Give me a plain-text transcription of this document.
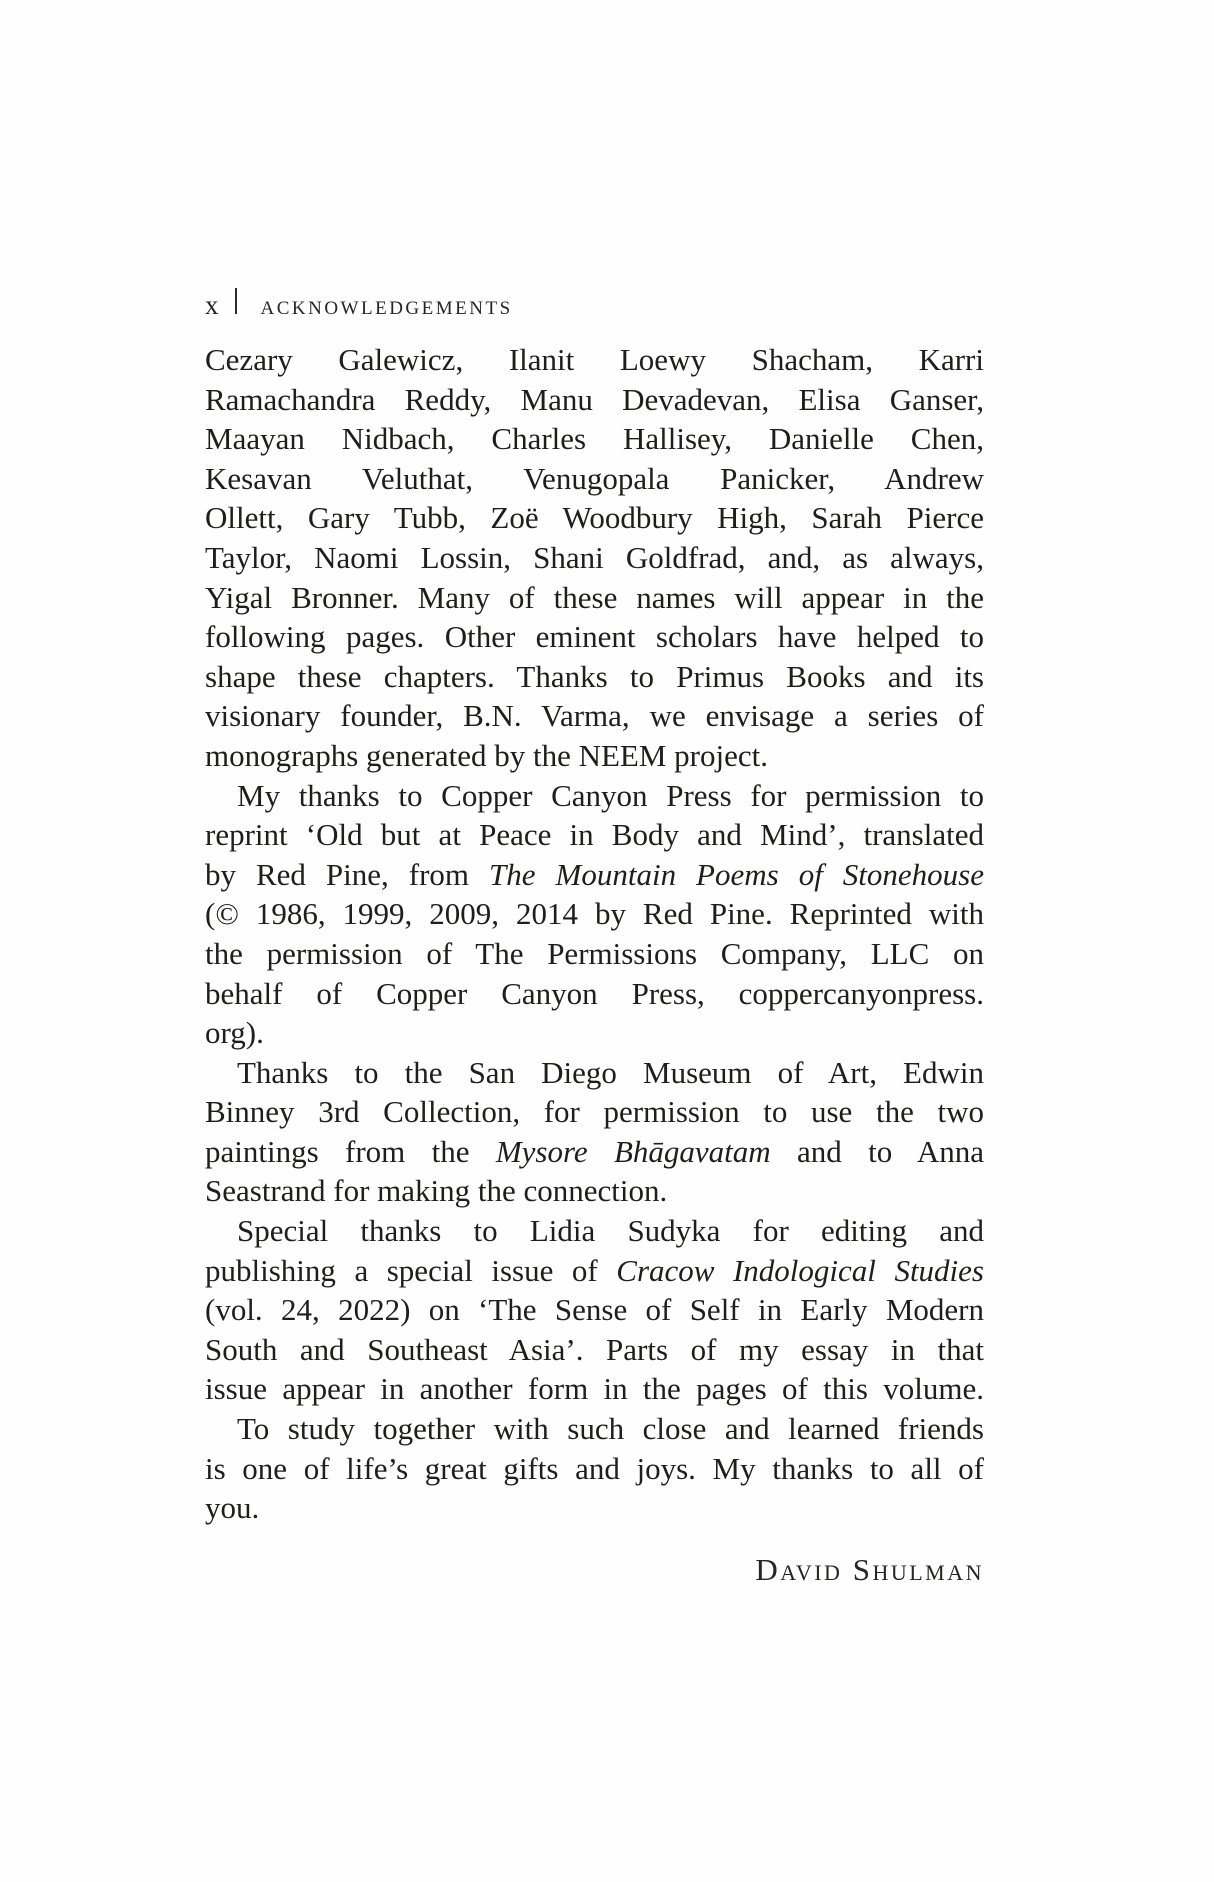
x ACKNOWLEDGEMENTS
Cezary Galewicz, Ilanit Loewy Shacham, Karri
Ramachandra Reddy, Manu Devadevan, Elisa Ganser,
Maayan Nidbach, Charles Hallisey, Danielle Chen,
Kesavan Veluthat, Venugopala Panicker, Andrew
Ollett, Gary Tubb, Zoë Woodbury High, Sarah Pierce
Taylor, Naomi Lossin, Shani Goldfrad, and, as always,
Yigal Bronner. Many of these names will appear in the
following pages. Other eminent scholars have helped to
shape these chapters. Thanks to Primus Books and its
visionary founder, B.N. Varma, we envisage a series of
monographs generated by the NEEM project.
My thanks to Copper Canyon Press for permission to
reprint ‘Old but at Peace in Body and Mind’, translated
by Red Pine, from The Mountain Poems of Stonehouse
(© 1986, 1999, 2009, 2014 by Red Pine. Reprinted with
the permission of The Permissions Company, LLC on
behalf of Copper Canyon Press, coppercanyonpress.
org).
Thanks to the San Diego Museum of Art, Edwin
Binney 3rd Collection, for permission to use the two
paintings from the Mysore Bhāgavatam and to Anna
Seastrand for making the connection.
Special thanks to Lidia Sudyka for editing and
publishing a special issue of Cracow Indological Studies
(vol. 24, 2022) on ‘The Sense of Self in Early Modern
South and Southeast Asia’. Parts of my essay in that
issue appear in another form in the pages of this volume.
To study together with such close and learned friends
is one of life’s great gifts and joys. My thanks to all of
you.
David Shulman
